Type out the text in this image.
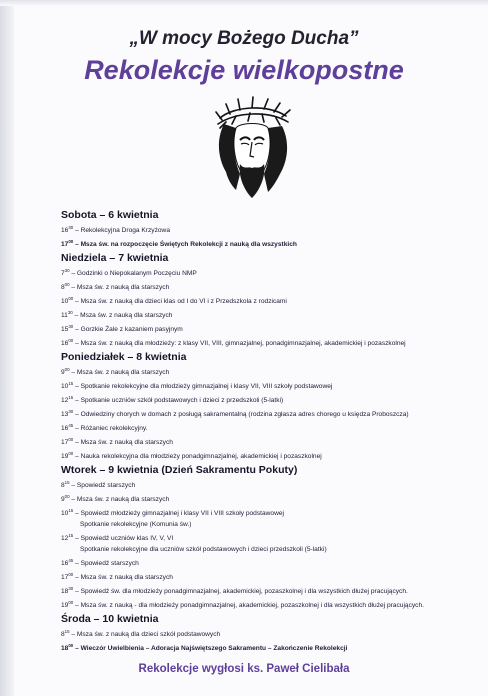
„W mocy Bożego Ducha”
Rekolekcje wielkopostne
Sobota – 6 kwietnia
$16^{30}$ – Rekolekcyjna Droga Krzyżowa
$17^{00}$ – Msza św. na rozpoczęcie Świętych Rekolekcji z nauką dla wszystkich
Niedziela – 7 kwietnia
$7^{30}$ – Godzinki o Niepokalanym Poczęciu NMP
$8^{00}$ – Msza św. z nauką dla starszych
$10^{00}$ – Msza św. z nauką dla dzieci klas od I do VI i z Przedszkola z rodzicami
$11^{30}$ – Msza św. z nauką dla starszych
$15^{30}$ – Gorzkie Żale z kazaniem pasyjnym
$16^{00}$ – Msza św. z nauką dla młodzieży: z klasy VII, VIII, gimnazjalnej, ponadgimnazjalnej, akademickiej i pozaszkolnej
Poniedziałek – 8 kwietnia
$9^{00}$ – Msza św. z nauką dla starszych
$10^{15}$ – Spotkanie rekolekcyjne dla młodzieży gimnazjalnej i klasy VII, VIII szkoły podstawowej
$12^{15}$ – Spotkanie uczniów szkół podstawowych i dzieci z przedszkoli (5-latki)
$13^{30}$ – Odwiedziny chorych w domach z posługą sakramentalną (rodzina zgłasza adres chorego u księdza Proboszcza)
$16^{45}$ – Różaniec rekolekcyjny.
$17^{00}$ – Msza św. z nauką dla starszych
$19^{00}$ – Nauka rekolekcyjna dla młodzieży ponadgimnazjalnej, akademickiej i pozaszkolnej
Wtorek – 9 kwietnia (Dzień Sakramentu Pokuty)
$8^{15}$ – Spowiedź starszych
$9^{00}$ – Msza św. z nauką dla starszych
$10^{15}$ – Spowiedź młodzieży gimnazjalnej i klasy VII i VIII szkoły podstawowej
Spotkanie rekolekcyjne (Komunia św.)
$12^{15}$ – Spowiedź uczniów klas IV, V, VI
Spotkanie rekolekcyjne dla uczniów szkół podstawowych i dzieci przedszkoli (5-latki)
$16^{45}$ – Spowiedź starszych
$17^{00}$ – Msza św. z nauką dla starszych
$18^{30}$ – Spowiedź św. dla młodzieży ponadgimnazjalnej, akademickiej, pozaszkolnej i dla wszystkich dłużej pracujących.
$19^{00}$ – Msza św. z nauką - dla młodzieży ponadgimnazjalnej, akademickiej, pozaszkolnej i dla wszystkich dłużej pracujących.
Środa – 10 kwietnia
$8^{15}$ – Msza św. z nauką dla dzieci szkół podstawowych
$18^{00}$ – Wieczór Uwielbienia – Adoracja Najświętszego Sakramentu – Zakończenie Rekolekcji
Rekolekcje wygłosi ks. Paweł Cielibała
